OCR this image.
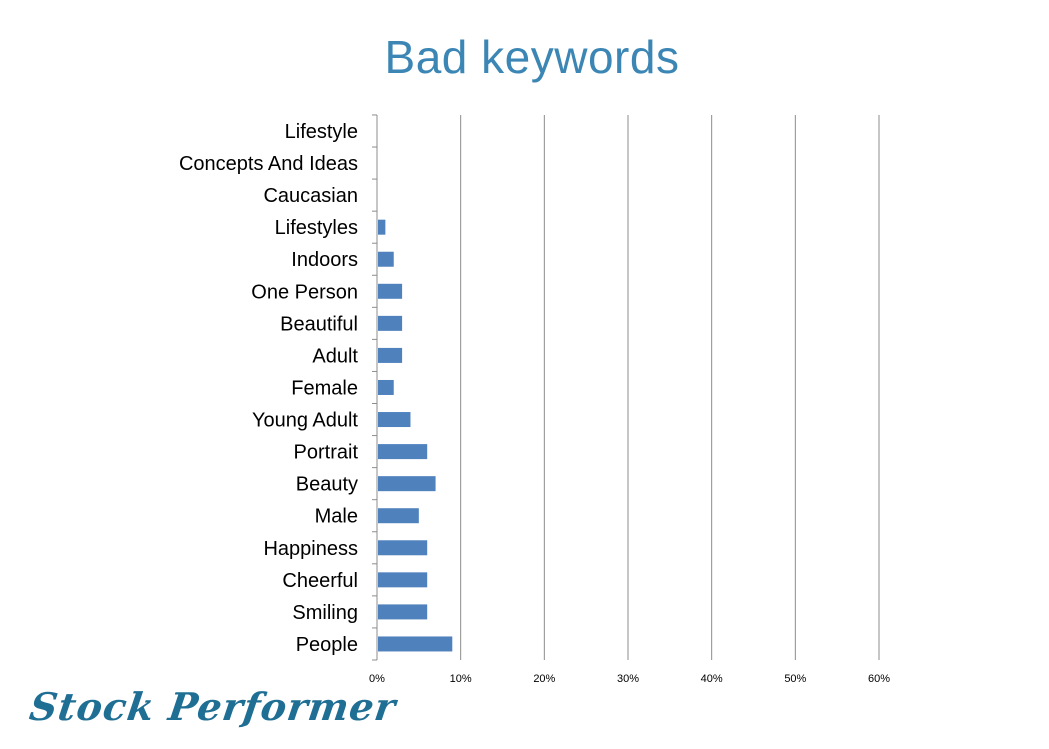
Bad keywords
Lifestyle
Concepts And Ideas
Caucasian
Lifestyles
Indoors
One Person
Beautiful
Adult
Female
Young Adult
Portrait
Beauty
Male
Happiness
Cheerful
Smiling
People
0%	10%	20%	30%	40%	50%	60%
Stock Performer
